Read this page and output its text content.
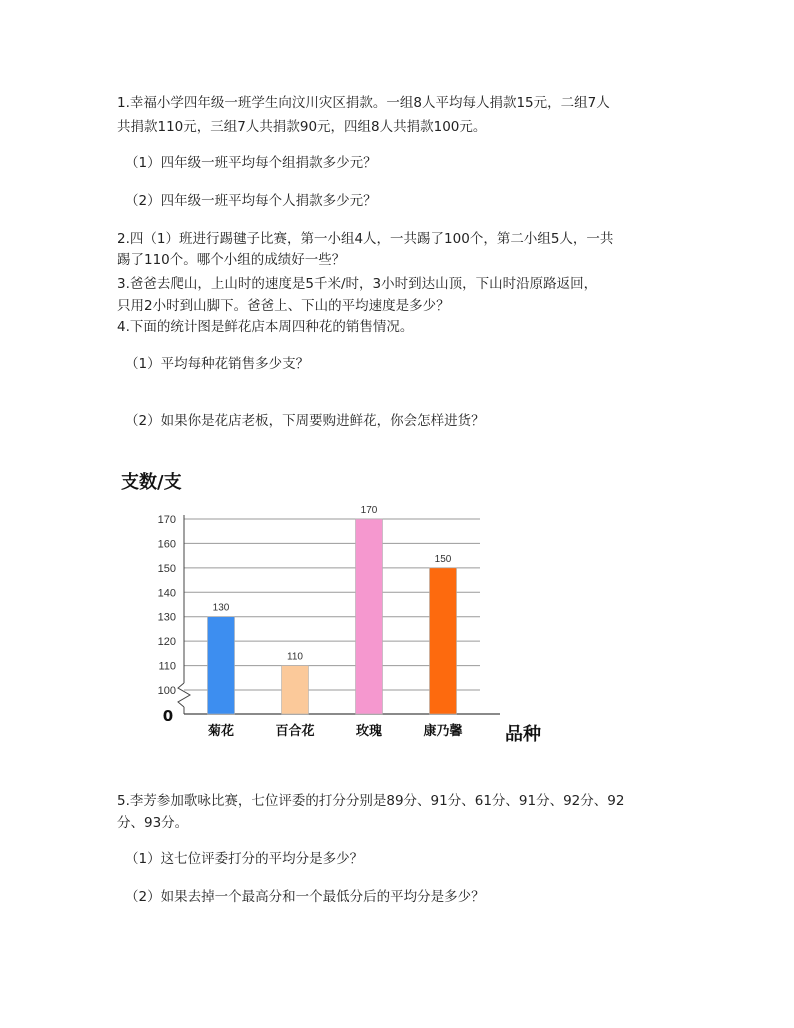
1.幸福小学四年级一班学生向汶川灾区捐款。一组8人平均每人捐款15元，二组7人
共捐款110元，三组7人共捐款90元，四组8人共捐款100元。
（1）四年级一班平均每个组捐款多少元？
（2）四年级一班平均每个人捐款多少元？
2.四（1）班进行踢毽子比赛，第一小组4人，一共踢了100个，第二小组5人，一共
踢了110个。哪个小组的成绩好一些？
3.爸爸去爬山，上山时的速度是5千米/时，3小时到达山顶，下山时沿原路返回，
只用2小时到山脚下。爸爸上、下山的平均速度是多少？
4.下面的统计图是鲜花店本周四种花的销售情况。
（1）平均每种花销售多少支？
（2）如果你是花店老板，下周要购进鲜花，你会怎样进货？
0
100
110
120
130
140
150
160
170
130
110
170
150
菊花	百合花	玫瑰	康乃馨
支数/支
品种
5.李芳参加歌咏比赛，七位评委的打分分别是89分、91分、61分、91分、92分、92
分、93分。
（1）这七位评委打分的平均分是多少？
（2）如果去掉一个最高分和一个最低分后的平均分是多少？
